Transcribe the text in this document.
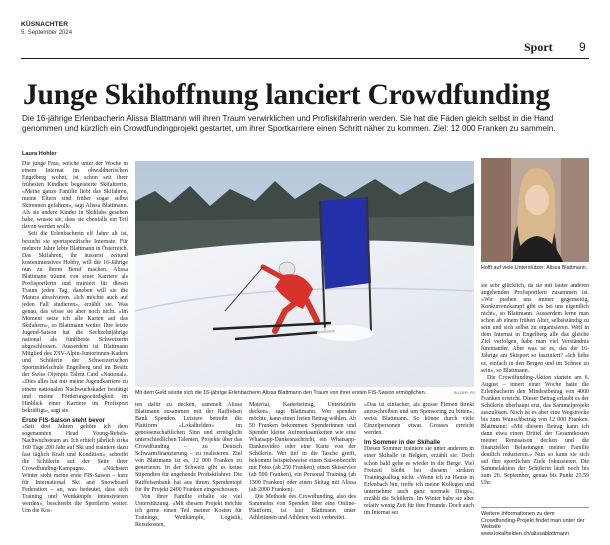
KÜSNACHTER
5. September 2024
Sport 9
Junge Skihoffnung lanciert Crowdfunding
Die 16-jährige Erlenbacherin Alissa Blattmann will ihren Traum verwirklichen und Profiskifahrerin werden. Sie hat die Fäden gleich selbst in die Hand genommen und kürzlich ein Crowdfundingprojekt gestartet, um ihrer Sportkarriere einen Schritt näher zu kommen. Ziel: 12 000 Franken zu sammeln.
Laura Hohler

Die junge Frau, welche unter der Woche in einem Internat im obwaldnerischen Engelberg wohnt, ist schon seit ihrer frühesten Kindheit begeisterte Skifahrerin. «Meine ganze Familie liebt das Skifahren, meine Eltern sind früher sogar selbst Skirennen gefahren», sagt Alissa Blattmann. Als sie andere Kinder in Skiklubs gesehen habe, wusste sie, dass sie ebenfalls ein Teil davon werden wolle.

Seit die Erlenbacherin elf Jahre alt ist, besucht sie sportspezifische Internate. Für mehrere Jahre lebte Blattmann in Österreich. Das Skifahren, ihr äusserst zeitund kostenintensives Hobby, will die 16-Jährige nun zu ihrem Beruf machen. Alissa Blattmann träumt von einer Karriere als Profisportlerin und trainiert für diesen Traum jeden Tag, daneben will sie die Matura absolvieren. «Ich möchte auch auf jeden Fall studieren», erzählt sie. Was genau, das wisse sie aber noch nicht. «Im Moment setze ich alle Karten auf das Skifahren», so Blattmann weiter. Ihre letzte Jugend-Saison hat die Sechzehnjährige national als fünftbeste Schweizerin abgeschlossen. Ausserdem ist Blattmann Mitglied des ZSV-Alpin-Juniorinnen-Kaders und Schülerin der Schweizerischen Sportmittelschule Engelberg und im Besitz der Swiss Olympic Talent Card «National». «Dies alles hat mir meine Jugendkarriere zu einem nationalen Nachwuchskader bestätigt und meine Förderungswürdigkeit im Hinblick einer Karriere im Profisport bekräftigt», sagt sie.

Erste FIS-Saison steht bevor

«Seit drei Jahren gehöre ich dem sogenannten Head Young-Rebels-Nachwuchsteam an. Ich erhielt jährlich zirka 160 Tage 200 Jahr auf Ski und trainiere dazu fast täglich Kraft und Kondition», schreibt die Schülerin auf der Seite ihrer Crowdfunding-Kampagne. «Nächsten Winter steht meine erste FIS-Saison – kurz für International Ski and Snowboard Federation – an, was bedeutet, dass sich Training und Wettkämpfe intensivieren werden», beschreibt die Sportlerin weiter. Um die Kos-

Mit dem Geld würde sich die 16-jährige Erlenbacherin Alissa Blattmann den Traum von ihrer ersten FIS-Saison ermöglichen.	BILDER: PD
Hofft auf viele Unterstützer: Alissa Blattmann.

sie sehr glücklich, da sie mit lauter anderen angehenden Profisportlern zusammen ist. «Wir pushen uns immer gegenseitig, Konkurrenzkampf gibt es bei uns eigentlich nicht», so Blattmann. Ausserdem lerne man schon ab einem frühen Alter, selbstständig zu sein und sich selbst zu organisieren. Weil in dem Internat in Engelberg alle das gleiche Ziel verfolgen, habe man viel Verständnis füreinander. Aber was ist es, das die 16-Jährige am Skisport so fasziniert? «Ich liebe es, einfach in den Bergen und im Schnee zu sein», so Blattmann.

Die Crowdfunding-Aktion startete am 6. August – innert einer Woche hatte die Erlenbacherin den Mindestbetrag von 4000 Franken erreicht. Dieser Betrag erlaubt es der Schülerin überhaupt erst, das Sammelprojekt auszulösen. Noch ist es aber eine Wegstrecke bis zum Wunschbetrag von 12 000 Franken. Blattmann: «Mit diesem Betrag kann ich dann etwa einen Drittel der Gesamtkosten meiner Rennsaison decken und die finanziellen Belastungen meiner Familie deutlich reduzieren.» Nun so kann sie sich auf ihre sportlichen Ziele fokussieren. Die Sammelaktion der Schülerin läuft noch bis zum 26. September, genau bis Punkt 23.59 Uhr.

Weitere Informationen zu dem Crowdfunding-Projekt findet man unter der Website www.lokalhelden.ch/alissablattmann

ten dafür zu decken, sammelt Alissa Blattmann zusammen mit der Raiffeisen Bank Spenden. Letztere betreibt die Plattform «Lokalhelden» im genossenschaftlichen Sinn und ermöglicht unterschiedlichen Talenten, Projekte über das Crowdfunding – zu Deutsch Schwarmfinanzierung – zu realisieren. Ziel von Blattmann ist es, 12 000 Franken zu generieren. In der Schweiz gibt es keine Stipendien für angehende Profiskifahrer. Die Raiffeisenbank hat aus ihrem Spendentopf für ihr Projekt 2400 Franken eingeschossen.

Von ihrer Familie erhalte sie viel Unterstützung. «Mit diesem Projekt möchte ich gerne einen Teil meiner Kosten für Trainings, Wettkämpfe, Logistik, Reisekosten,

Material, Kaderbeitrag, Unterkünfte decken», sagt Blattmann. Wer spenden möchte, kann einen freien Betrag wählen. Ab 50 Franken bekommen Spenderinnen und Spender kleine Aufmerksamkeiten wie eine Whatsapp-Dankesnachricht, ein Whatsapp-Dankesvideo oder eine Karte von der Schülerin. Wer tief in die Tasche greift, bekommt beispielsweise einen Saisonbericht mit Fotos (ab 250 Franken), einen Skiservice (ab 500 Franken), ein Personal Training (ab 1500 Franken) oder einen Skitag mit Alissa (ab 2000 Franken).

Die Methode des Crowdfunding, also des Sammelns von Spenden über eine Online-Plattform, ist laut Blattmann unter Athletinnen und Athleten weit verbreitet.

«Das ist einfacher, als grosse Firmen direkt anzuschreiben und um Sponsoring zu bitten», weiss Blattmann. So könne durch viele Einzelpersonen etwas Grosses erreicht werden.

Im Sommer in der Skihalle

Diesen Sommer trainiere sie unter anderem in einer Skihalle in Belgien, erzählt sie. Doch schon bald gehe es wieder in die Berge. Viel Freizeit bleibt bei diesem strikten Trainingsalltag nicht. «Wenn ich zu Hause in Erlenbach bin, treffe ich meine Kollegen und unternehme auch ganz normale Dinge», erzählt die Schülerin. Im Winter habe sie aber relativ wenig Zeit für ihre Freunde. Doch auch im Internat sei
